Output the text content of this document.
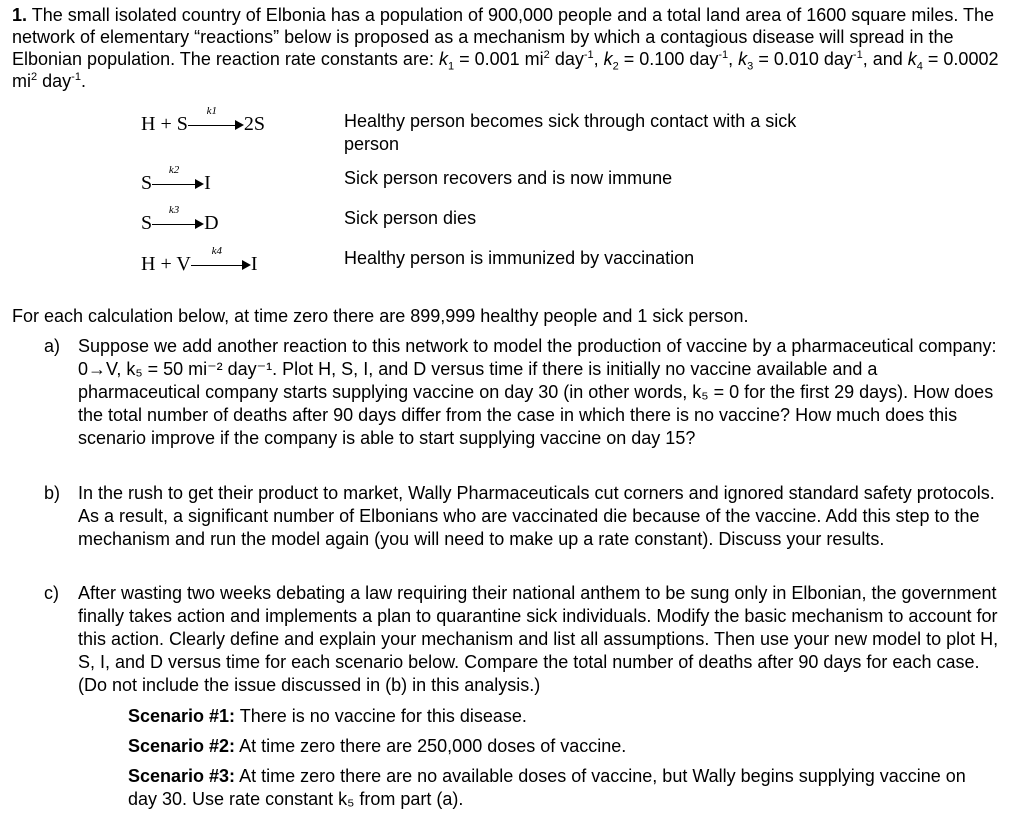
1. The small isolated country of Elbonia has a population of 900,000 people and a total land area of 1600 square miles. The network of elementary “reactions” below is proposed as a mechanism by which a contagious disease will spread in the Elbonian population. The reaction rate constants are: $k_1 = 0.001$ $mi^2$ day$^{-1}$, $k_2 = 0.100$ day$^{-1}$, $k_3 = 0.010$ day$^{-1}$, and $k_4 = 0.0002$ $mi^2$ day$^{-1}$.
H + S
k1
2S	Healthy person becomes sick through contact with a sick person
S
k2
I	Sick person recovers and is now immune
S
k3
D	Sick person dies
H + V
k4
I	Healthy person is immunized by vaccination
For each calculation below, at time zero there are 899,999 healthy people and 1 sick person.
a) Suppose we add another reaction to this network to model the production of vaccine by a pharmaceutical company: 0→V, k₅ = 50 mi⁻² day⁻¹. Plot H, S, I, and D versus time if there is initially no vaccine available and a pharmaceutical company starts supplying vaccine on day 30 (in other words, k₅ = 0 for the first 29 days). How does the total number of deaths after 90 days differ from the case in which there is no vaccine? How much does this scenario improve if the company is able to start supplying vaccine on day 15?
b) In the rush to get their product to market, Wally Pharmaceuticals cut corners and ignored standard safety protocols. As a result, a significant number of Elbonians who are vaccinated die because of the vaccine. Add this step to the mechanism and run the model again (you will need to make up a rate constant). Discuss your results.
c) After wasting two weeks debating a law requiring their national anthem to be sung only in Elbonian, the government finally takes action and implements a plan to quarantine sick individuals. Modify the basic mechanism to account for this action. Clearly define and explain your mechanism and list all assumptions. Then use your new model to plot H, S, I, and D versus time for each scenario below. Compare the total number of deaths after 90 days for each case. (Do not include the issue discussed in (b) in this analysis.)
Scenario #1: There is no vaccine for this disease.
Scenario #2: At time zero there are 250,000 doses of vaccine.
Scenario #3: At time zero there are no available doses of vaccine, but Wally begins supplying vaccine on day 30. Use rate constant k₅ from part (a).
